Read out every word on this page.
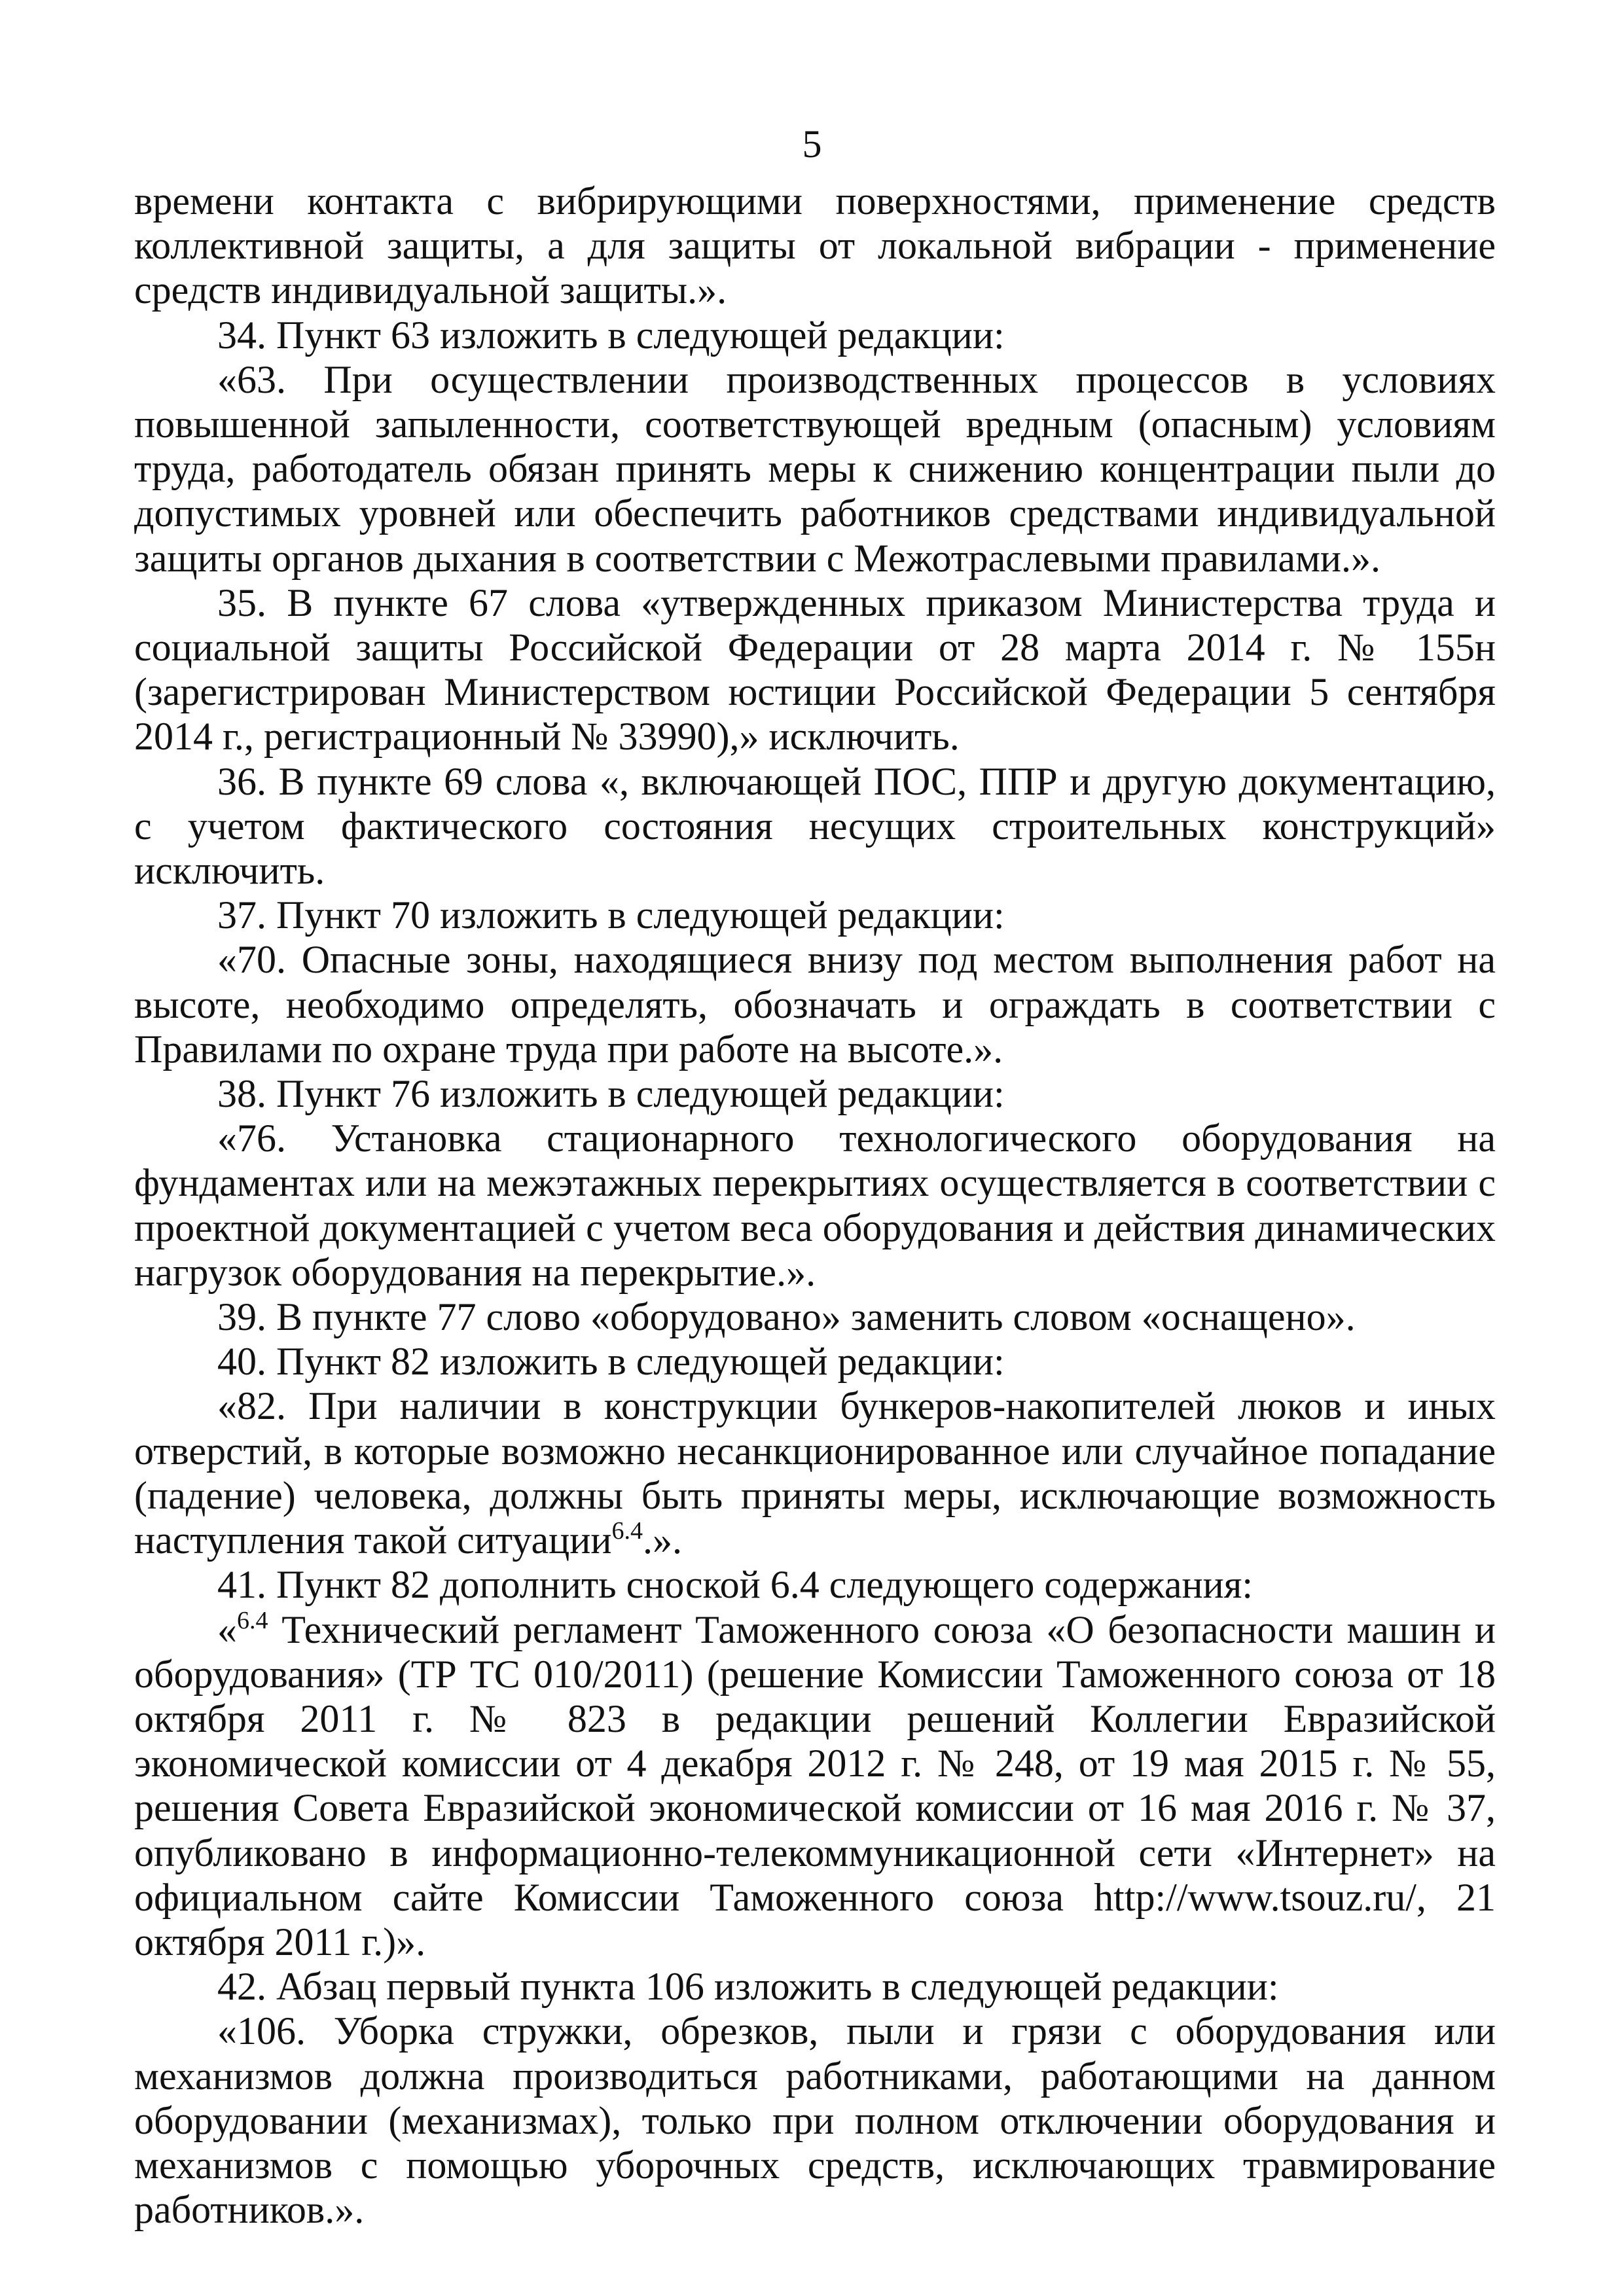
5

времени контакта с вибрирующими поверхностями, применение средств коллективной защиты, а для защиты от локальной вибрации - применение средств индивидуальной защиты.».

34. Пункт 63 изложить в следующей редакции:

«63. При осуществлении производственных процессов в условиях повышенной запыленности, соответствующей вредным (опасным) условиям труда, работодатель обязан принять меры к снижению концентрации пыли до допустимых уровней или обеспечить работников средствами индивидуальной защиты органов дыхания в соответствии с Межотраслевыми правилами.».

35. В пункте 67 слова «утвержденных приказом Министерства труда и социальной защиты Российской Федерации от 28 марта 2014 г. № 155н (зарегистрирован Министерством юстиции Российской Федерации 5 сентября 2014 г., регистрационный № 33990),» исключить.

36. В пункте 69 слова «, включающей ПОС, ППР и другую документацию, с учетом фактического состояния несущих строительных конструкций» исключить.

37. Пункт 70 изложить в следующей редакции:

«70. Опасные зоны, находящиеся внизу под местом выполнения работ на высоте, необходимо определять, обозначать и ограждать в соответствии с Правилами по охране труда при работе на высоте.».

38. Пункт 76 изложить в следующей редакции:

«76. Установка стационарного технологического оборудования на фундаментах или на межэтажных перекрытиях осуществляется в соответствии с проектной документацией с учетом веса оборудования и действия динамических нагрузок оборудования на перекрытие.».

39. В пункте 77 слово «оборудовано» заменить словом «оснащено».

40. Пункт 82 изложить в следующей редакции:

«82. При наличии в конструкции бункеров-накопителей люков и иных отверстий, в которые возможно несанкционированное или случайное попадание (падение) человека, должны быть приняты меры, исключающие возможность наступления такой ситуации$^{6.4}$.».

41. Пункт 82 дополнить сноской 6.4 следующего содержания:

«$^{6.4}$ Технический регламент Таможенного союза «О безопасности машин и оборудования» (ТР ТС 010/2011) (решение Комиссии Таможенного союза от 18 октября 2011 г. № 823 в редакции решений Коллегии Евразийской экономической комиссии от 4 декабря 2012 г. № 248, от 19 мая 2015 г. № 55, решения Совета Евразийской экономической комиссии от 16 мая 2016 г. № 37, опубликовано в информационно-телекоммуникационной сети «Интернет» на официальном сайте Комиссии Таможенного союза http://www.tsouz.ru/, 21 октября 2011 г.)».

42. Абзац первый пункта 106 изложить в следующей редакции:

«106. Уборка стружки, обрезков, пыли и грязи с оборудования или механизмов должна производиться работниками, работающими на данном оборудовании (механизмах), только при полном отключении оборудования и механизмов с помощью уборочных средств, исключающих травмирование работников.».
